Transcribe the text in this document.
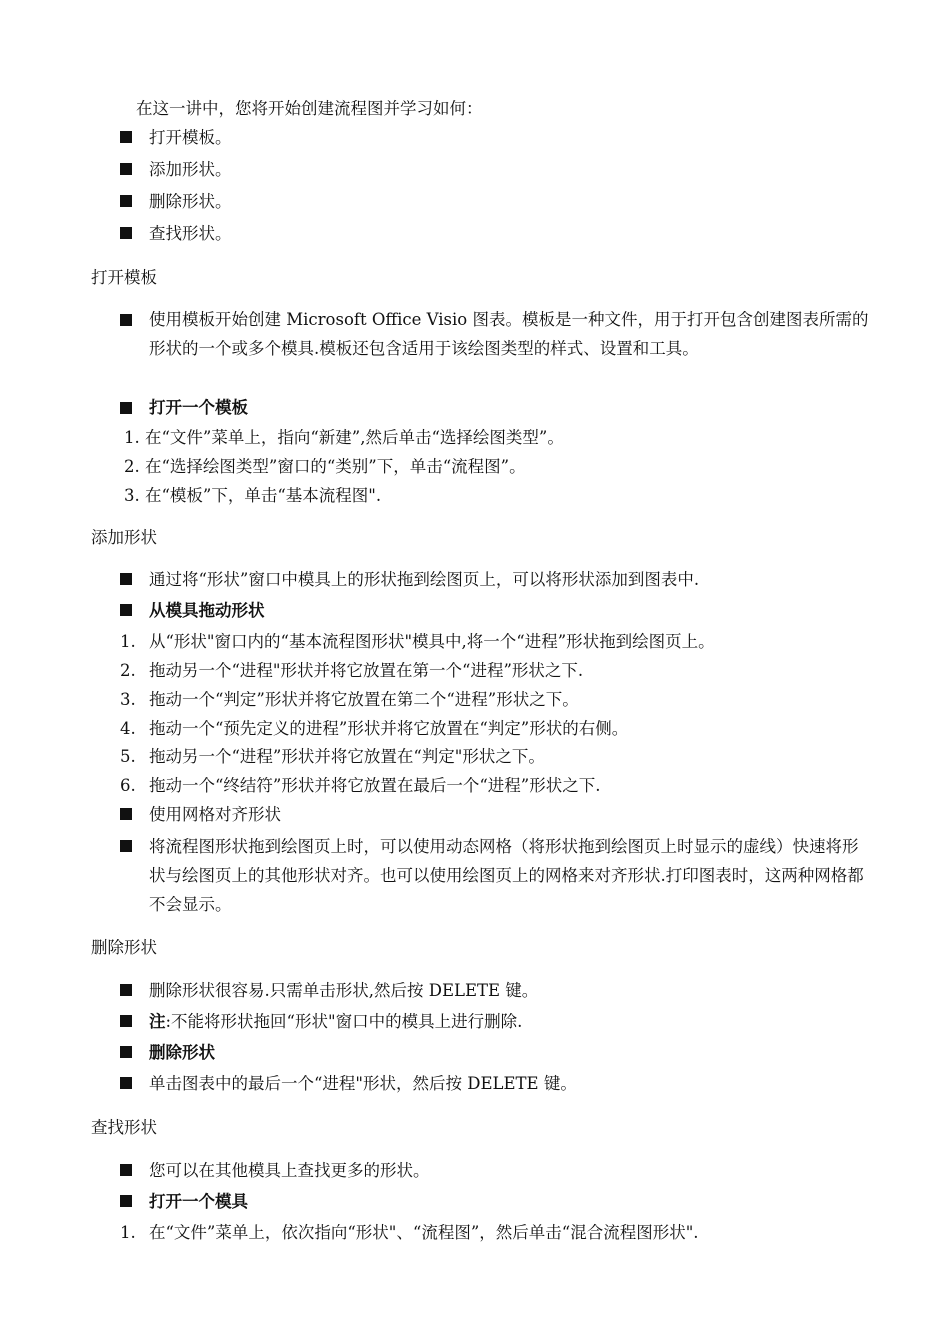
在这一讲中，您将开始创建流程图并学习如何：
打开模板。
添加形状。
删除形状。
查找形状。
打开模板
使用模板开始创建 Microsoft Office Visio 图表。模板是一种文件，用于打开包含创建图表所需的形状的一个或多个模具.模板还包含适用于该绘图类型的样式、设置和工具。
打开一个模板
1. 在“文件”菜单上，指向“新建”,然后单击“选择绘图类型”。
2. 在“选择绘图类型”窗口的“类别”下，单击“流程图”。
3. 在“模板”下，单击“基本流程图".
添加形状
通过将“形状”窗口中模具上的形状拖到绘图页上，可以将形状添加到图表中.
从模具拖动形状
1. 从“形状"窗口内的“基本流程图形状"模具中,将一个“进程”形状拖到绘图页上。
2. 拖动另一个“进程"形状并将它放置在第一个“进程”形状之下.
3. 拖动一个“判定”形状并将它放置在第二个“进程”形状之下。
4. 拖动一个“预先定义的进程”形状并将它放置在“判定”形状的右侧。
5. 拖动另一个“进程”形状并将它放置在“判定"形状之下。
6. 拖动一个“终结符”形状并将它放置在最后一个“进程”形状之下.
使用网格对齐形状
将流程图形状拖到绘图页上时，可以使用动态网格（将形状拖到绘图页上时显示的虚线）快速将形状与绘图页上的其他形状对齐。也可以使用绘图页上的网格来对齐形状.打印图表时，这两种网格都不会显示。
删除形状
删除形状很容易.只需单击形状,然后按 DELETE 键。
注:不能将形状拖回“形状"窗口中的模具上进行删除.
删除形状
单击图表中的最后一个“进程"形状，然后按 DELETE 键。
查找形状
您可以在其他模具上查找更多的形状。
打开一个模具
1. 在“文件”菜单上，依次指向“形状"、“流程图”，然后单击“混合流程图形状".
